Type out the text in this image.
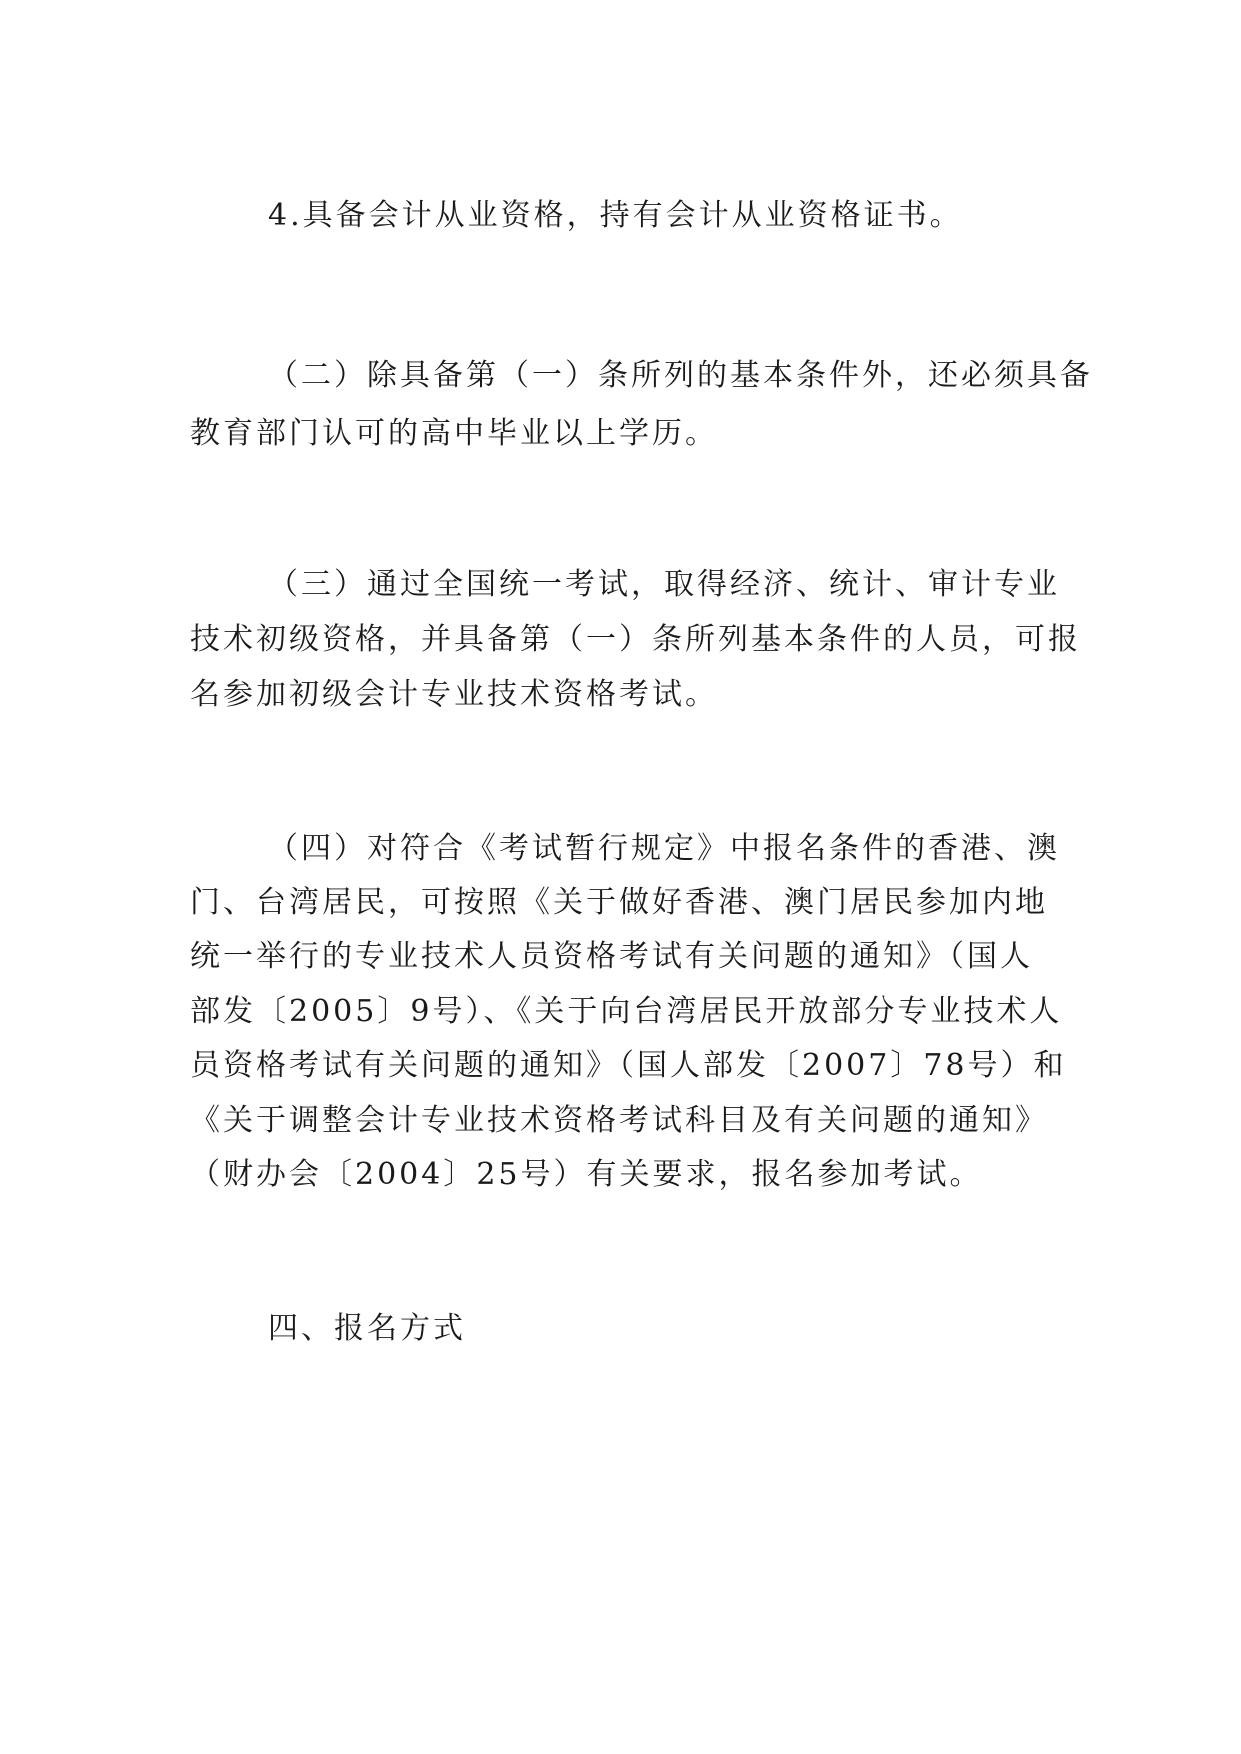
4.具备会计从业资格，持有会计从业资格证书。
（二）除具备第（一）条所列的基本条件外，还必须具备
教育部门认可的高中毕业以上学历。
（三）通过全国统一考试，取得经济、统计、审计专业
技术初级资格，并具备第（一）条所列基本条件的人员，可报
名参加初级会计专业技术资格考试。
（四）对符合《考试暂行规定》中报名条件的香港、澳
门、台湾居民，可按照《关于做好香港、澳门居民参加内地
统一举行的专业技术人员资格考试有关问题的通知》（国人
部发〔2005〕9号）、《关于向台湾居民开放部分专业技术人
员资格考试有关问题的通知》（国人部发〔2007〕78号）和
《关于调整会计专业技术资格考试科目及有关问题的通知》
（财办会〔2004〕25号）有关要求，报名参加考试。
四、报名方式
